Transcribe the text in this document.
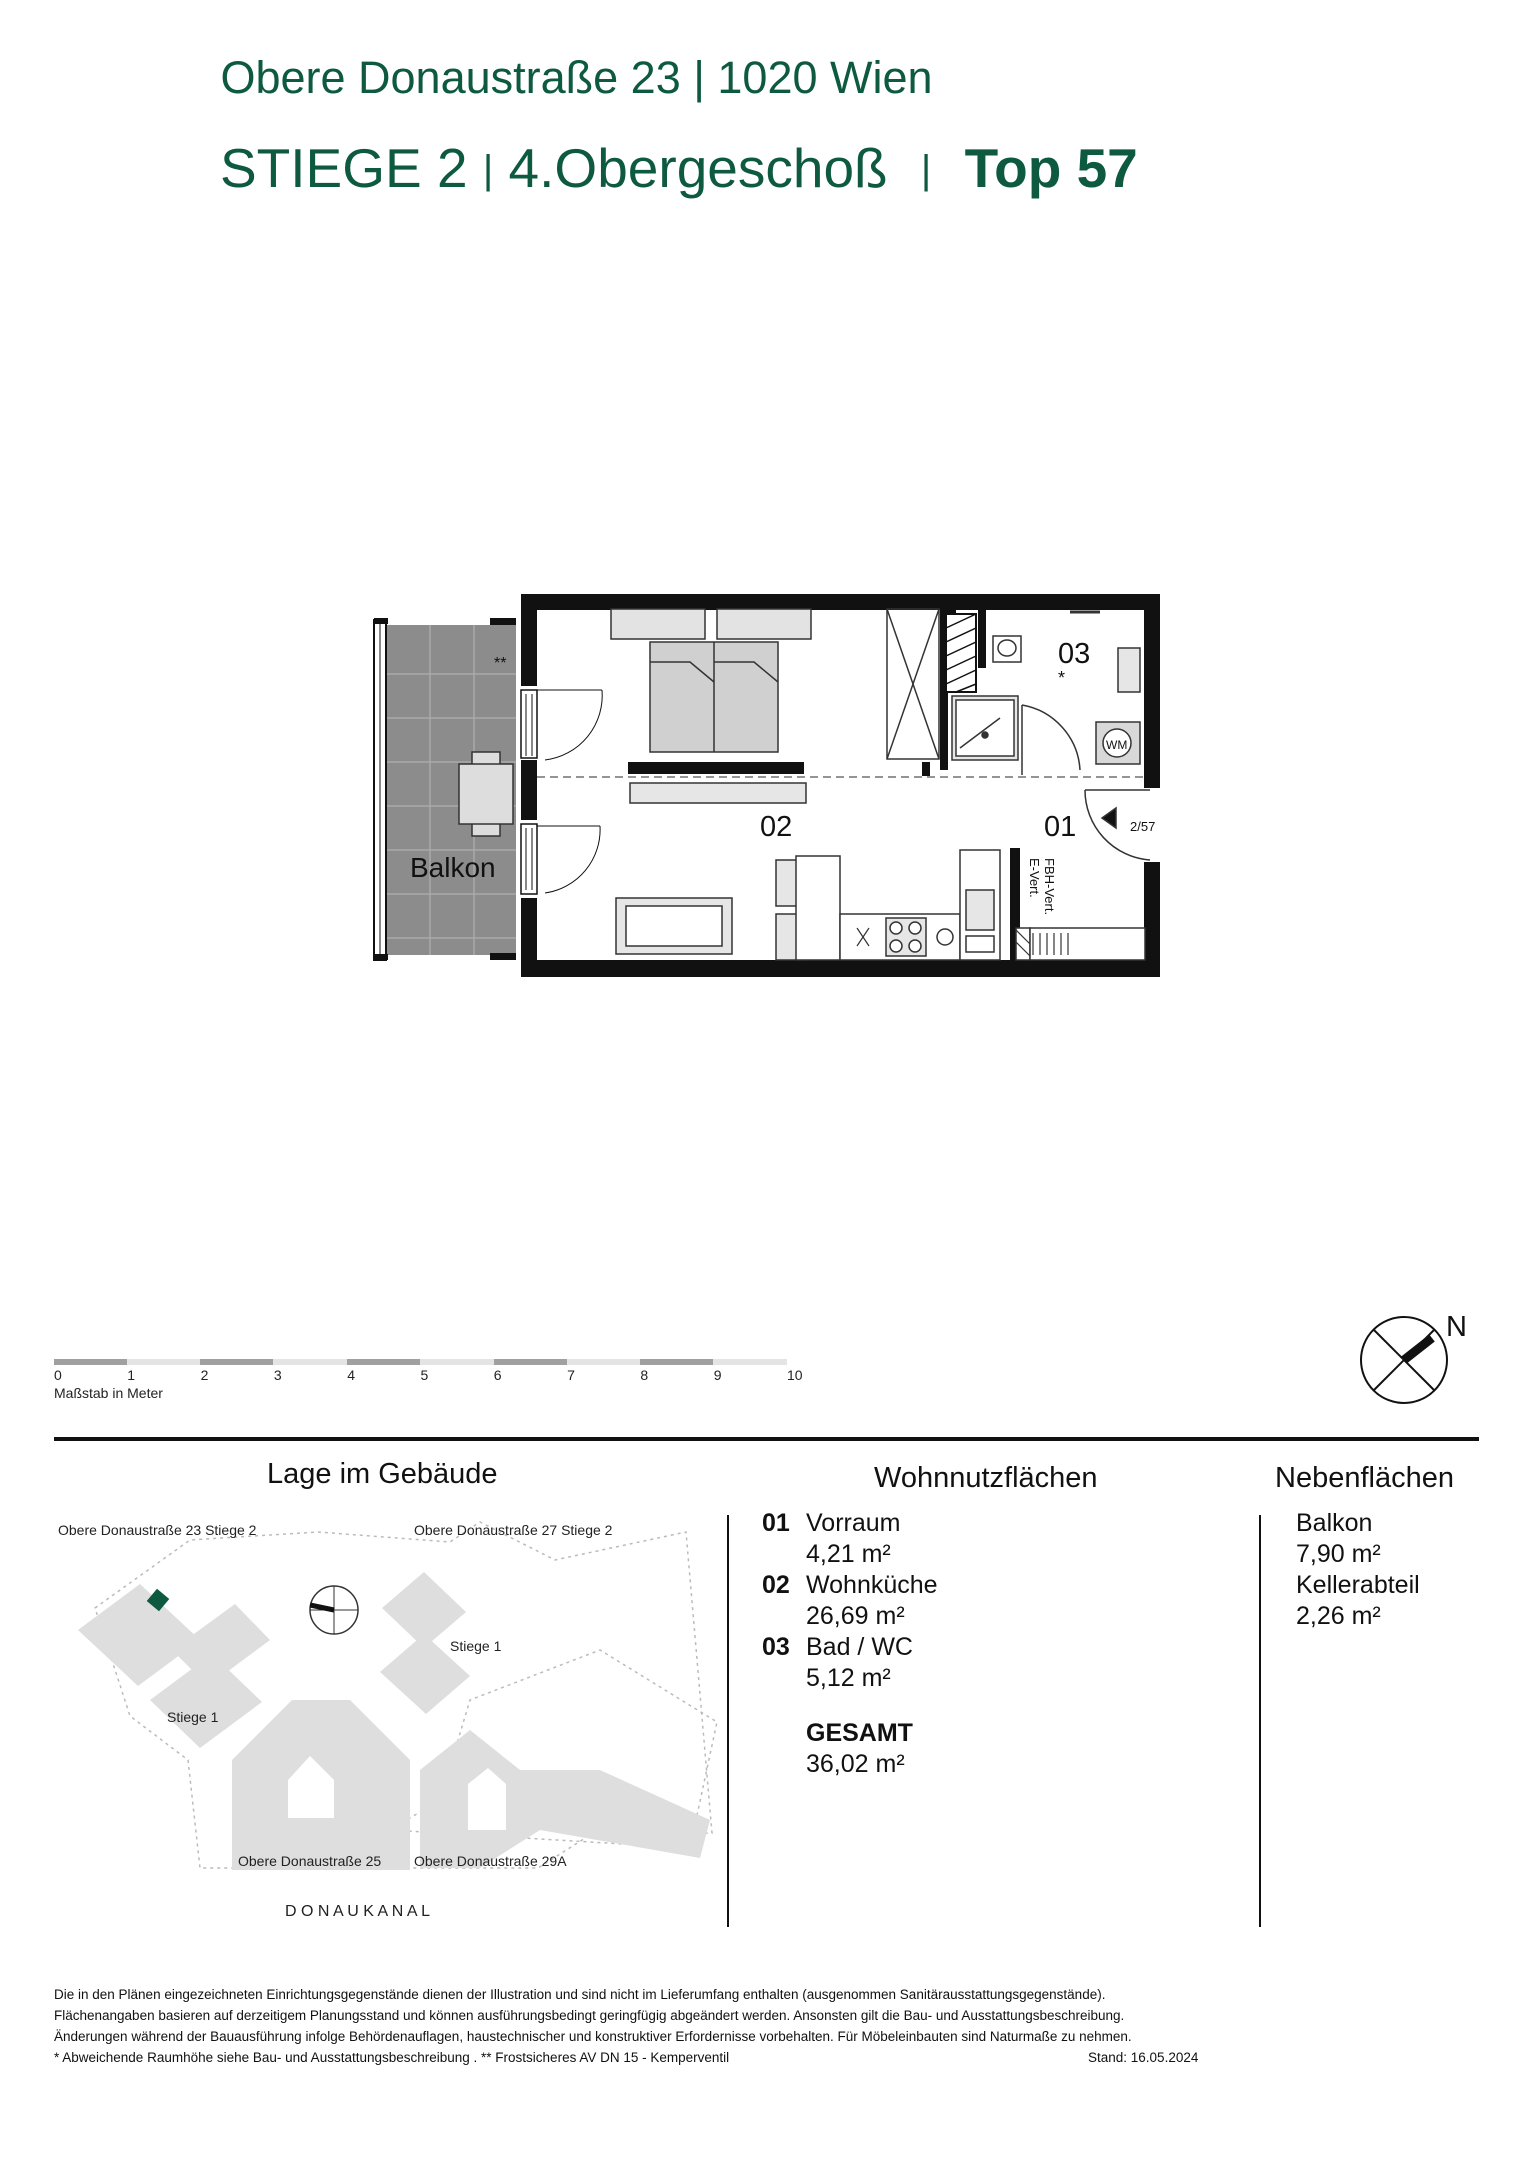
Obere Donaustraße 23 | 1020 Wien
STIEGE 2 | 4.Obergeschoß | Top 57
03
*
02	01
Balkon
2/57
**
WM
FBH-Vert.
E-Vert.
0	1	2	3	4	5	6	7	8	9	10
Maßstab in Meter
N
Obere Donaustraße 23 Stiege 2	Obere Donaustraße 27 Stiege 2
Stiege 1
Stiege 1
Obere Donaustraße 25 Obere Donaustraße 29A
D O N A U K A N A L
Lage im Gebäude	Wohnnutzflächen
01 Vorraum
4,21 m²
02 Wohnküche
26,69 m²
03 Bad / WC
5,12 m²
GESAMT
36,02 m²
Nebenflächen
Balkon
7,90 m²
Kellerabteil
2,26 m²
Die in den Plänen eingezeichneten Einrichtungsgegenstände dienen der Illustration und sind nicht im Lieferumfang enthalten (ausgenommen Sanitärausstattungsgegenstände).
Flächenangaben basieren auf derzeitigem Planungsstand und können ausführungsbedingt geringfügig abgeändert werden. Ansonsten gilt die Bau- und Ausstattungsbeschreibung.
Änderungen während der Bauausführung infolge Behördenauflagen, haustechnischer und konstruktiver Erfordernisse vorbehalten. Für Möbeleinbauten sind Naturmaße zu nehmen.
* Abweichende Raumhöhe siehe Bau- und Ausstattungsbeschreibung . ** Frostsicheres AV DN 15 - Kemperventil	Stand: 16.05.2024
